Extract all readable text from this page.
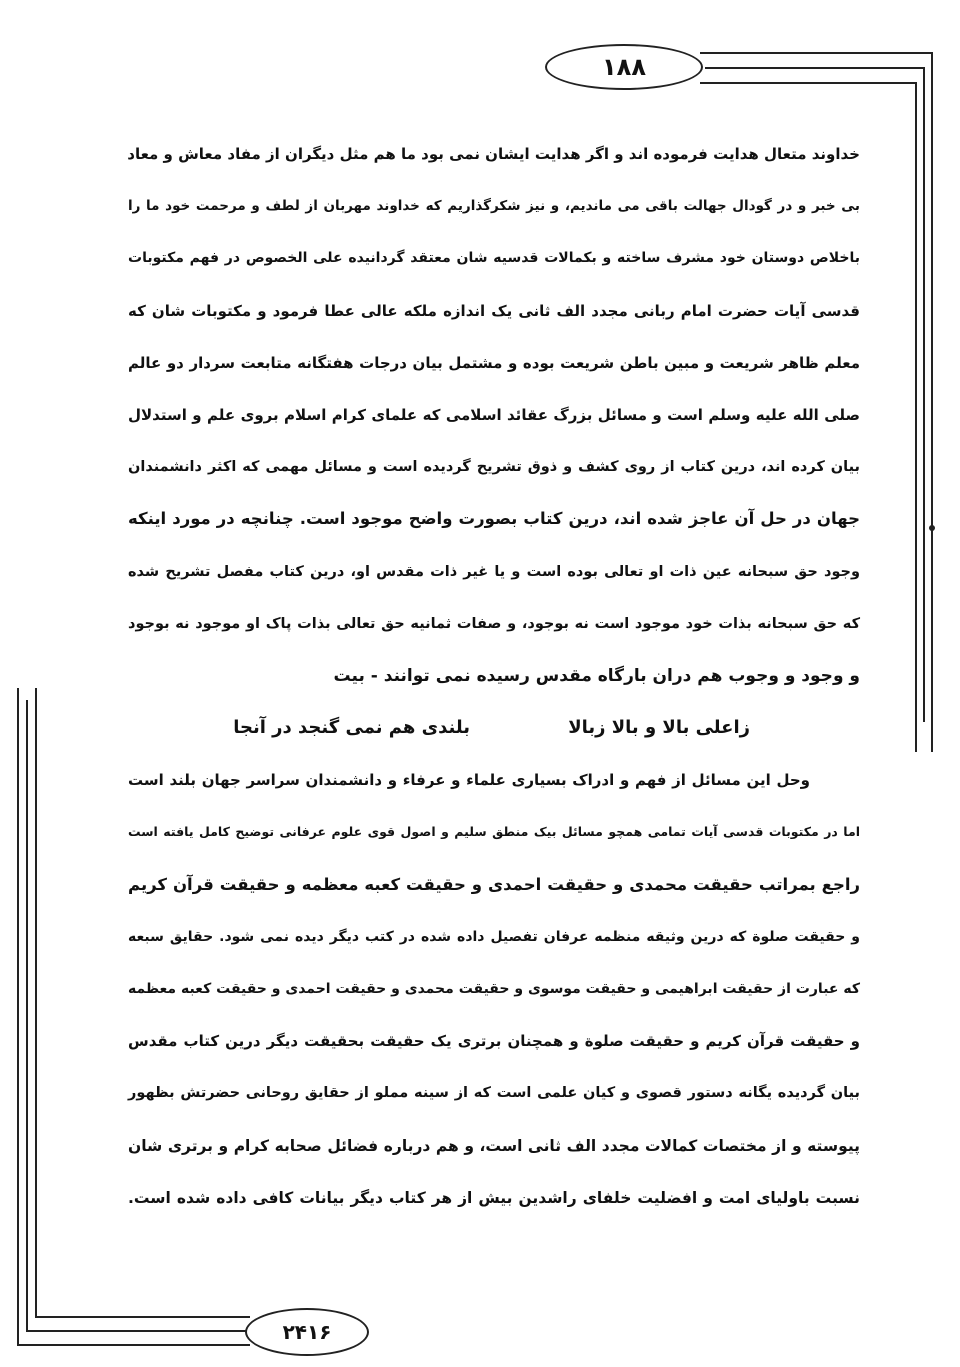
۱۸۸
۲۴۱۶
خداوند متعال هدایت فرموده اند و اگر هدایت ایشان نمی بود ما هم مثل دیگران از مفاد معاش و معاد
بی خبر و در گودال جهالت باقی می ماندیم، و نیز شکرگذاریم که خداوند مهربان از لطف و مرحمت خود ما را
باخلاص دوستان خود مشرف ساخته و بکمالات قدسیه شان معتقد گردانیده علی الخصوص در فهم مکتوبات
قدسی آیات حضرت امام ربانی مجدد الف ثانی یک اندازه ملکه عالی عطا فرمود و مکتوبات شان که
معلم ظاهر شریعت و مبین باطن شریعت بوده و مشتمل بیان درجات هفتگانه متابعت سردار دو عالم
صلی الله علیه وسلم است و مسائل بزرگ عقائد اسلامی که علمای کرام اسلام بروی علم و استدلال
بیان کرده اند، درین کتاب از روی کشف و ذوق تشریح گردیده است و مسائل مهمی که اکثر دانشمندان
جهان در حل آن عاجز شده اند، درین کتاب بصورت واضح موجود است. چنانچه در مورد اینکه
وجود حق سبحانه عین ذات او تعالی بوده است و یا غیر ذات مقدس او، درین کتاب مفصل تشریح شده
که حق سبحانه بذات خود موجود است نه بوجود، و صفات ثمانیه حق تعالی بذات پاک او موجود نه بوجود
و وجود و وجوب هم دران بارگاه مقدس رسیده نمی توانند - بیت
زاعلی بالا و بالا زبالا
بلندی هم نمی گنجد در آنجا
وحل این مسائل از فهم و ادراک بسیاری علماء و عرفاء و دانشمندان سراسر جهان بلند است
اما در مکتوبات قدسی آیات تمامی همچو مسائل بیک منطق سلیم و اصول قوی علوم عرفانی توضیح کامل یافته است
راجع بمراتب حقیقت محمدی و حقیقت احمدی و حقیقت کعبه معظمه و حقیقت قرآن کریم
و حقیقت صلوة که درین وثیقه منظمه عرفان تفصیل داده شده در کتب دیگر دیده نمی شود. حقایق سبعه
که عبارت از حقیقت ابراهیمی و حقیقت موسوی و حقیقت محمدی و حقیقت احمدی و حقیقت کعبه معظمه
و حقیقت قرآن کریم و حقیقت صلوة و همچنان برتری یک حقیقت بحقیقت دیگر درین کتاب مقدس
بیان گردیده یگانه دستور قصوی و کیان علمی است که از سینه مملو از حقایق روحانی حضرتش بظهور
پیوسته و از مختصات کمالات مجدد الف ثانی است، و هم درباره فضائل صحابه کرام و برتری شان
نسبت باولیای امت و افضلیت خلفای راشدین بیش از هر کتاب دیگر بیانات کافی داده شده است.
